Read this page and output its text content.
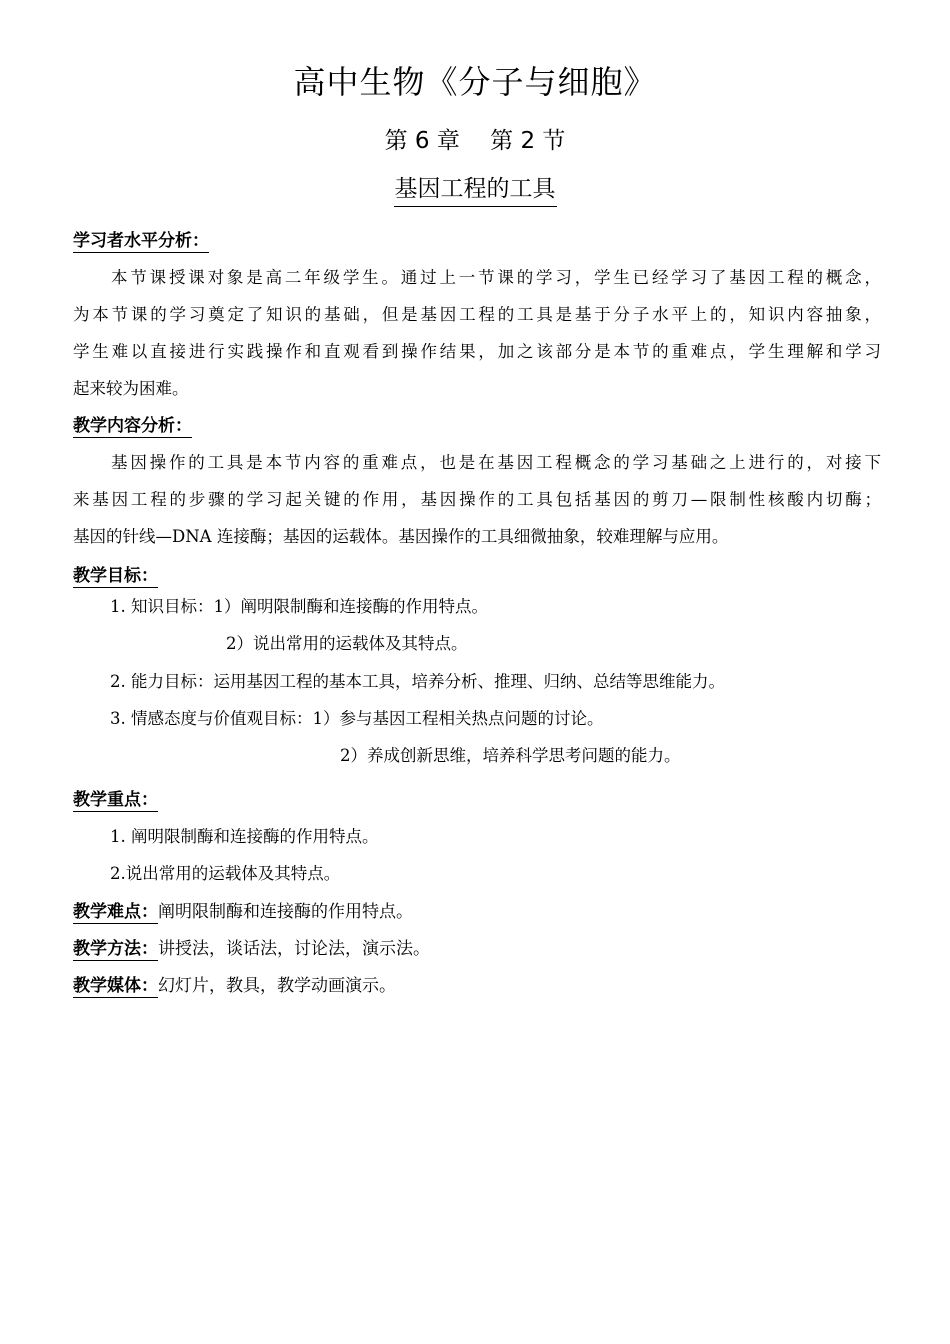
高中生物《分子与细胞》
第 6 章　 第 2 节
基因工程的工具
学习者水平分析：
本节课授课对象是高二年级学生。通过上一节课的学习，学生已经学习了基因工程的概念，
为本节课的学习奠定了知识的基础，但是基因工程的工具是基于分子水平上的，知识内容抽象，
学生难以直接进行实践操作和直观看到操作结果，加之该部分是本节的重难点，学生理解和学习
起来较为困难。
教学内容分析：
基因操作的工具是本节内容的重难点，也是在基因工程概念的学习基础之上进行的，对接下
来基因工程的步骤的学习起关键的作用，基因操作的工具包括基因的剪刀—限制性核酸内切酶；
基因的针线—DNA 连接酶；基因的运载体。基因操作的工具细微抽象，较难理解与应用。
教学目标：
1. 知识目标：1）阐明限制酶和连接酶的作用特点。
2）说出常用的运载体及其特点。
2. 能力目标：运用基因工程的基本工具，培养分析、推理、归纳、总结等思维能力。
3. 情感态度与价值观目标：1）参与基因工程相关热点问题的讨论。
2）养成创新思维，培养科学思考问题的能力。
教学重点：
1. 阐明限制酶和连接酶的作用特点。
2.说出常用的运载体及其特点。
教学难点：阐明限制酶和连接酶的作用特点。
教学方法：讲授法，谈话法，讨论法，演示法。
教学媒体：幻灯片，教具，教学动画演示。
